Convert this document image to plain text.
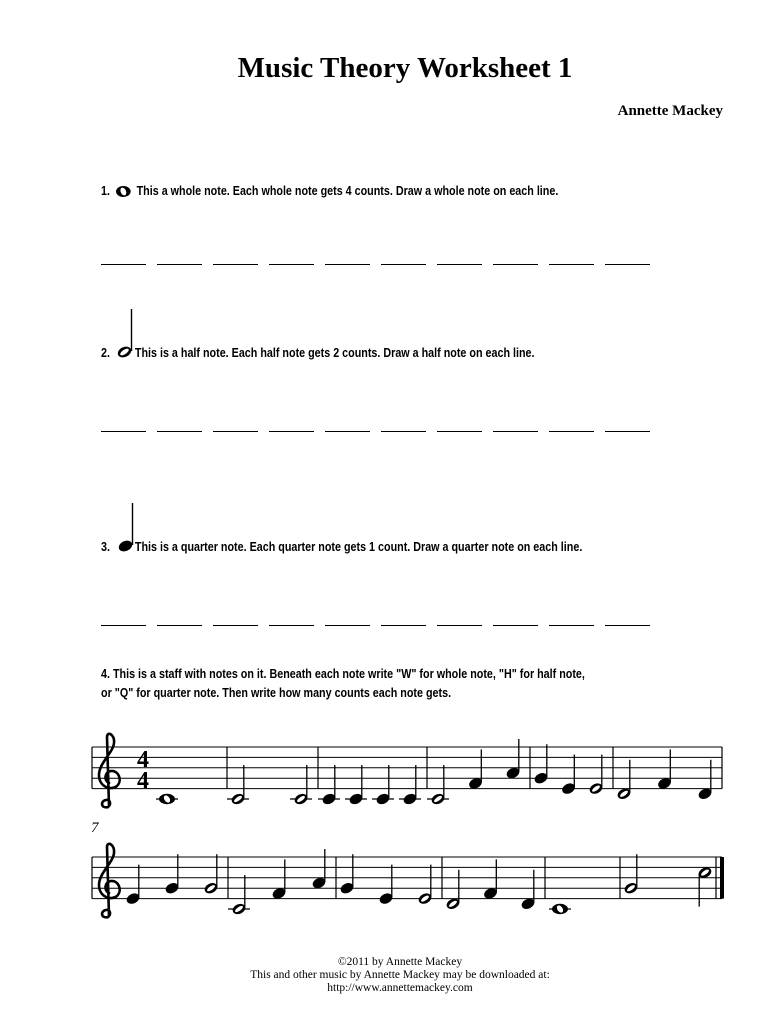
Music Theory Worksheet 1
Annette Mackey
1. This a whole note. Each whole note gets 4 counts. Draw a whole note on each line.
2. This is a half note. Each half note gets 2 counts. Draw a half note on each line.
3. This is a quarter note. Each quarter note gets 1 count. Draw a quarter note on each line.
4. This is a staff with notes on it. Beneath each note write "W" for whole note, "H" for half note,
or "Q" for quarter note. Then write how many counts each note gets.
4
4
7
©2011 by Annette Mackey
This and other music by Annette Mackey may be downloaded at:
http://www.annettemackey.com
